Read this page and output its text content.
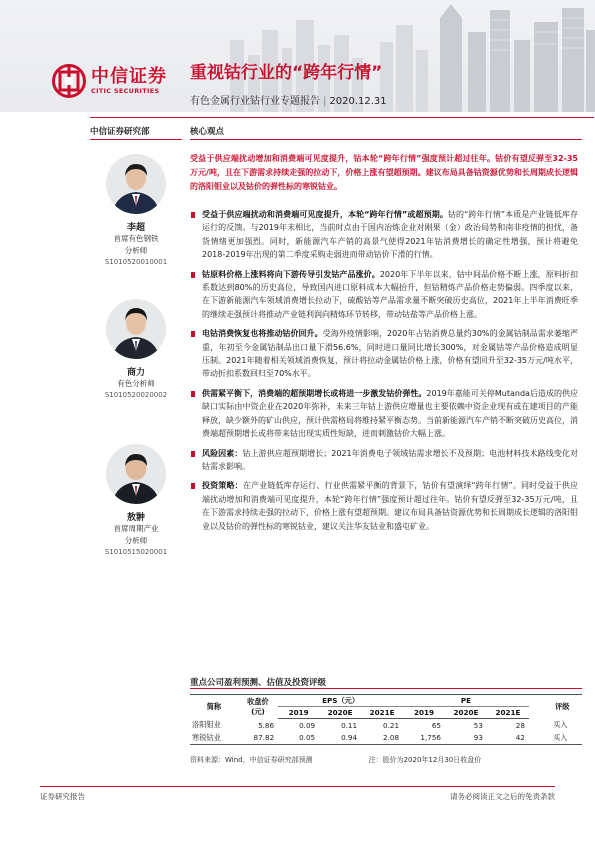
中信证券
CITIC SECURITIES
重视钴行业的“跨年行情”
有色金属行业钴行业专题报告 | 2020.12.31
中信证券研究部
李超
首席有色钢铁
分析师
S1010520010001
商力
有色分析师
S1010520020002
敖翀
首席周期产业
分析师
S1010515020001
核心观点
受益于供应端扰动增加和消费端可见度提升，钴本轮“跨年行情”强度预计超过往年。钴价有望反弹至32-35万元/吨，且在下游需求持续走强的拉动下，价格上涨有望超预期。建议布局具备钴资源优势和长周期成长逻辑的洛阳钼业以及钴价的弹性标的寒锐钴业。
受益于供应端扰动和消费端可见度提升，本轮“跨年行情”或超预期。钴的“跨年行情”本质是产业链低库存运行的反馈。与2019年末相比，当前时点由于国内冶炼企业对刚果（金）政治局势和南非疫情的担忧，备货情绪更加强烈。同时，新能源汽车产销的高景气使得2021年钴消费增长的确定性增强，预计将避免2018-2019年出现的第二季度采购走弱进而带动钴价下滑的行情。
钴原料价格上涨料将向下游传导引发钴产品涨价。2020年下半年以来，钴中间品价格不断上涨，原料折扣系数达到80%的历史高位，导致国内进口原料成本大幅抬升，但钴精炼产品价格走势偏弱。四季度以来，在下游新能源汽车领域消费增长拉动下，硫酸钴等产品需求量不断突破历史高位，2021年上半年消费旺季的继续走强预计将推动产业链利润向精炼环节转移，带动钴盐等产品价格上涨。
电钴消费恢复也将推动钴价回升。受海外疫情影响，2020年占钴消费总量约30%的金属钴制品需求萎缩严重，年初至今金属钴制品出口量下滑56.6%，同时进口量同比增长300%，对金属钴等产品价格造成明显压制。2021年随着相关领域消费恢复，预计将拉动金属钴价格上涨，价格有望回升至32-35万元/吨水平，带动折扣系数回归至70%水平。
供需紧平衡下，消费端的超预期增长或将进一步激发钴价弹性。2019年嘉能可关停Mutanda后造成的供应缺口实际由中资企业在2020年弥补，未来三年钴上游供应增量也主要依赖中资企业现有或在建项目的产能释放，缺少额外的矿山供应，预计供需格局将维持紧平衡态势。当前新能源汽车产销不断突破历史高位，消费端超预期增长或将带来钴出现实质性短缺，进而刺激钴价大幅上涨。
风险因素：钴上游供应超预期增长；2021年消费电子领域钴需求增长不及预期；电池材料技术路线变化对钴需求影响。
投资策略：在产业链低库存运行、行业供需紧平衡的背景下，钴价有望演绎“跨年行情”。同时受益于供应端扰动增加和消费端可见度提升，本轮“跨年行情”强度预计超过往年。钴价有望反弹至32-35万元/吨，且在下游需求持续走强的拉动下，价格上涨有望超预期。建议布局具备钴资源优势和长周期成长逻辑的洛阳钼业以及钴价的弹性标的寒锐钴业，建议关注华友钴业和盛屯矿业。
重点公司盈利预测、估值及投资评级
简称	收盘价
(元)	EPS（元）			PE				评级
		2019	2020E	2021E	2019	2020E	2021E		
洛阳钼业	5.86	0.09	0.11	0.21	65	53	28		买入
寒锐钴业	87.82	0.05	0.94	2.08	1,756	93	42		买入
资料来源：Wind，中信证券研究部预测	注：股价为2020年12月30日收盘价
证券研究报告	请务必阅读正文之后的免责条款
